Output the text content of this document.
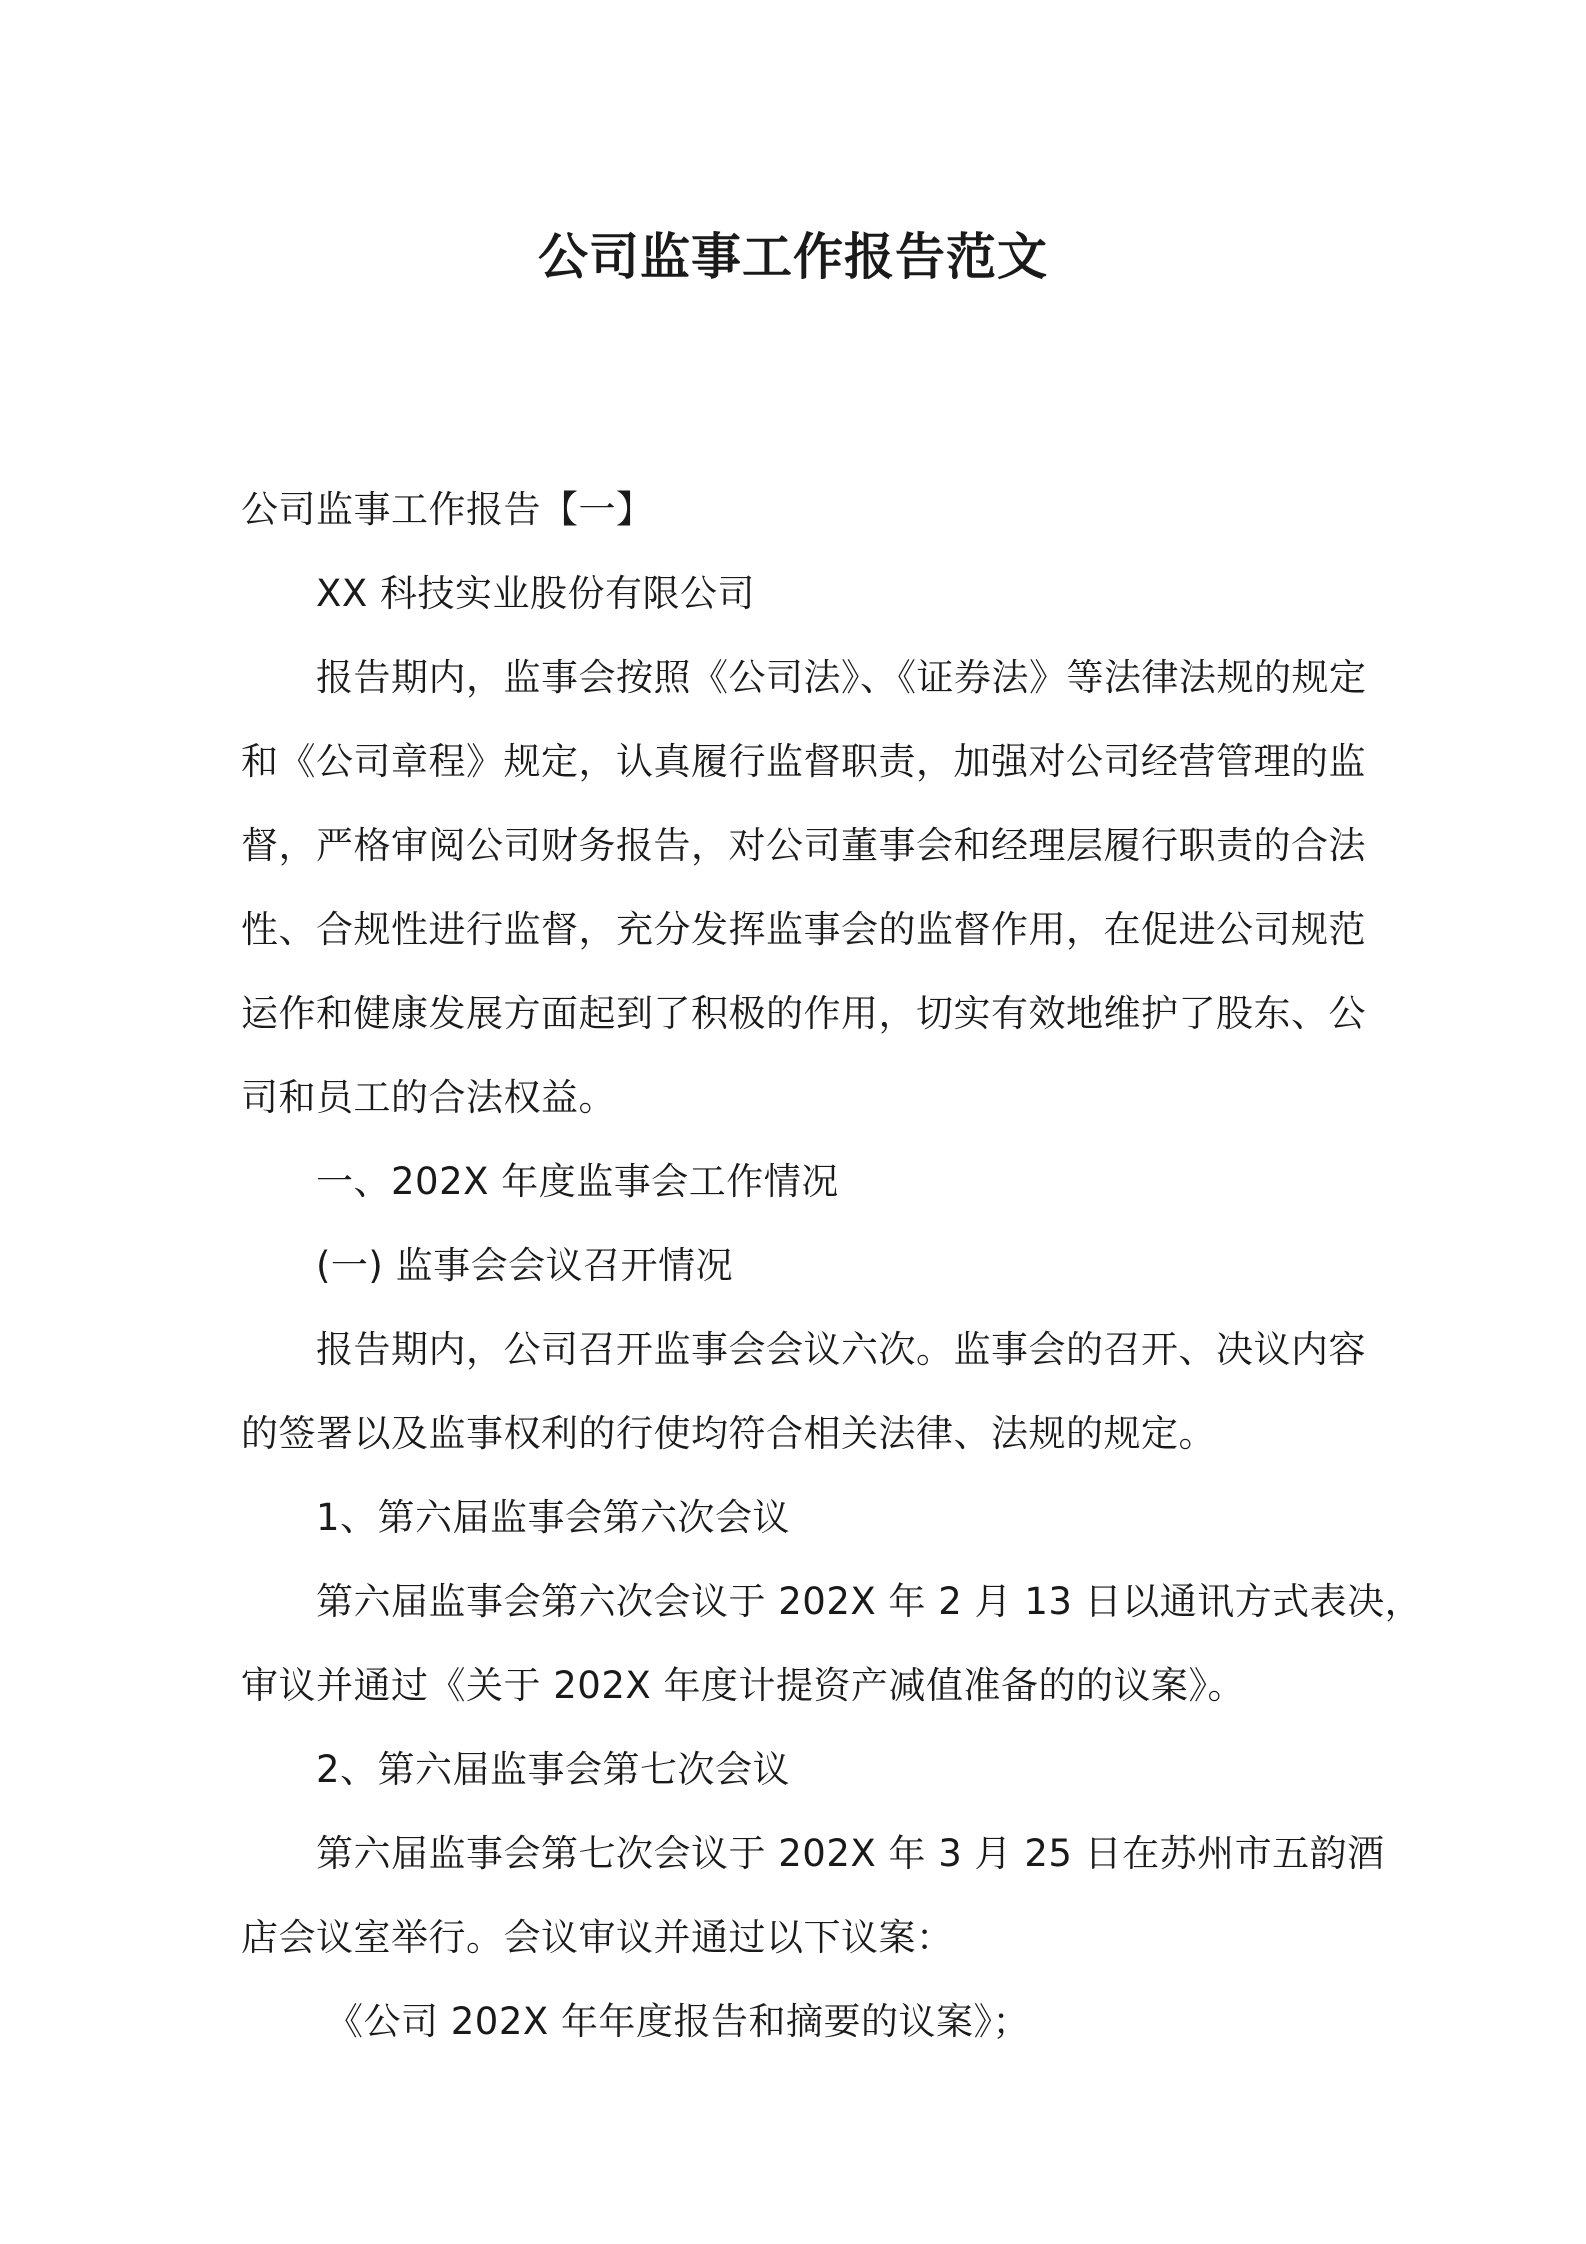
公司监事工作报告范文
公司监事工作报告【一】
XX 科技实业股份有限公司
报告期内，监事会按照《公司法》、《证券法》等法律法规的规定
和《公司章程》规定，认真履行监督职责，加强对公司经营管理的监
督，严格审阅公司财务报告，对公司董事会和经理层履行职责的合法
性、合规性进行监督，充分发挥监事会的监督作用，在促进公司规范
运作和健康发展方面起到了积极的作用，切实有效地维护了股东、公
司和员工的合法权益。
一、202X 年度监事会工作情况
(一) 监事会会议召开情况
报告期内，公司召开监事会会议六次。监事会的召开、决议内容
的签署以及监事权利的行使均符合相关法律、法规的规定。
1、第六届监事会第六次会议
第六届监事会第六次会议于 202X 年 2 月 13 日以通讯方式表决，
审议并通过《关于 202X 年度计提资产减值准备的的议案》。
2、第六届监事会第七次会议
第六届监事会第七次会议于 202X 年 3 月 25 日在苏州市五韵酒
店会议室举行。会议审议并通过以下议案：
《公司 202X 年年度报告和摘要的议案》；
